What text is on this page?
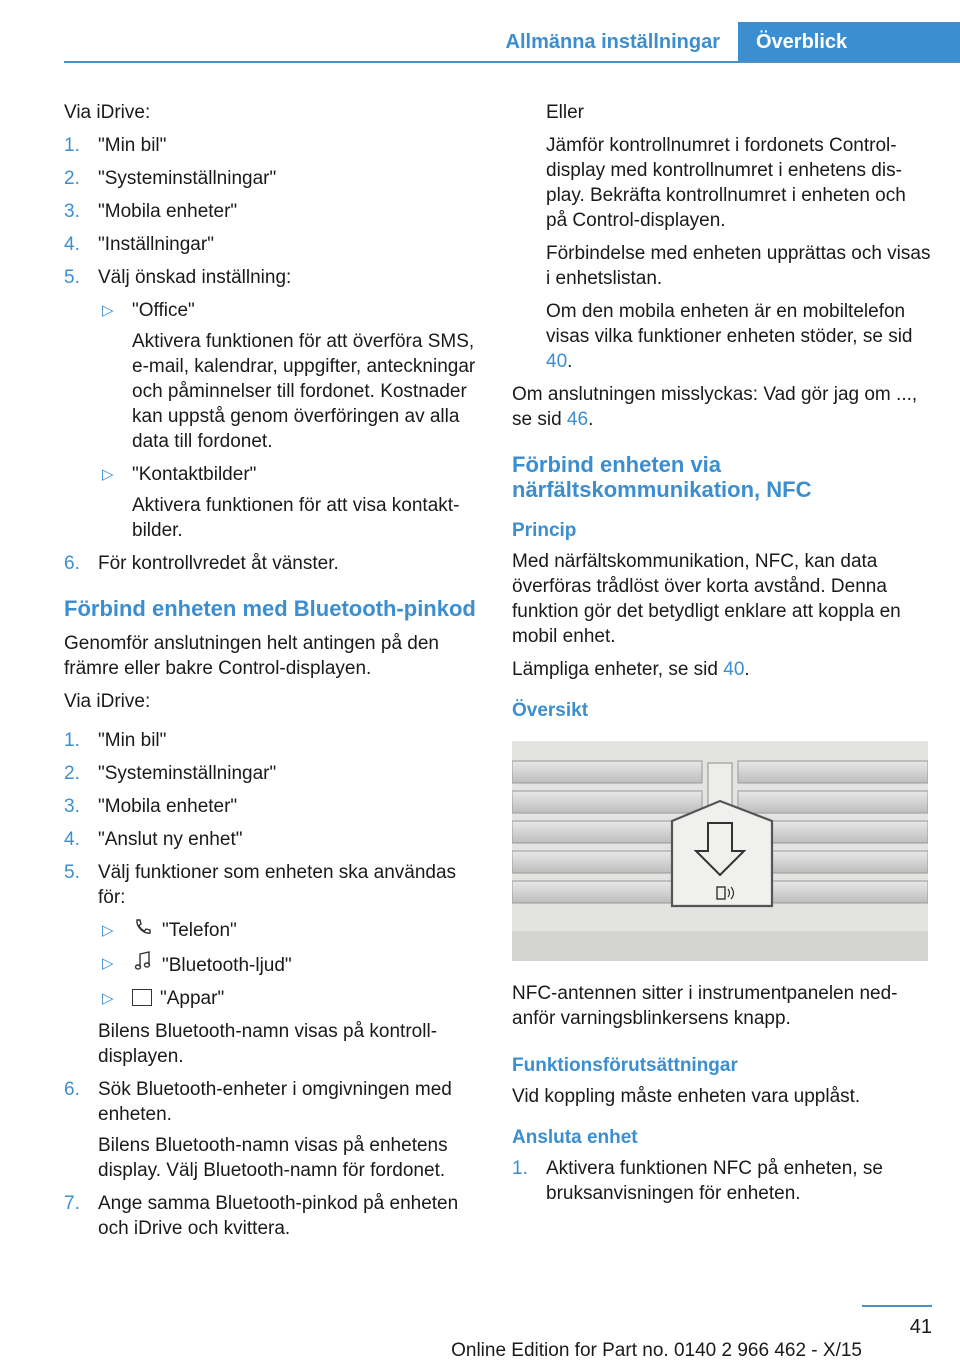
Allmänna inställningar	Överblick

Via iDrive:

1. "Min bil"
2. "Systeminställningar"
3. "Mobila enheter"
4. "Inställningar"
5. Välj önskad inställning:
▷ "Office"

Aktivera funktionen för att överföra SMS, e-mail, kalendrar, uppgifter, anteckningar och påminnelser till fordonet. Kostnader kan uppstå genom överföringen av alla data till fordonet.

▷ "Kontaktbilder"

Aktivera funktionen för att visa kontaktbilder.

6. För kontrollvredet åt vänster.
Förbind enheten med Bluetooth-pinkod

Genomför anslutningen helt antingen på den främre eller bakre Control-displayen.

Via iDrive:

1. "Min bil"
2. "Systeminställningar"
3. "Mobila enheter"
4. "Anslut ny enhet"
5. Välj funktioner som enheten ska användas för:
▷	"Telefon"
▷	"Bluetooth-ljud"
▷ "Appar"

Bilens Bluetooth-namn visas på kontrolldisplayen.

6. Sök Bluetooth-enheter i omgivningen med enheten.

Bilens Bluetooth-namn visas på enhetens display. Välj Bluetooth-namn för fordonet.

7. Ange samma Bluetooth-pinkod på enheten och iDrive och kvittera.

Eller

Jämför kontrollnumret i fordonets Control-display med kontrollnumret i enhetens display. Bekräfta kontrollnumret i enheten och på Control-displayen.

Förbindelse med enheten upprättas och visas i enhetslistan.

Om den mobila enheten är en mobiltelefon visas vilka funktioner enheten stöder, se sid 40.

Om anslutningen misslyckas: Vad gör jag om ..., se sid 46.

Förbind enheten via närfältskommunikation, NFC
Princip

Med närfältskommunikation, NFC, kan data överföras trådlöst över korta avstånd. Denna funktion gör det betydligt enklare att koppla en mobil enhet.

Lämpliga enheter, se sid 40.

Översikt

NFC-antennen sitter i instrumentpanelen nedanför varningsblinkersens knapp.

Funktionsförutsättningar

Vid koppling måste enheten vara upplåst.

Ansluta enhet
1. Aktivera funktionen NFC på enheten, se bruksanvisningen för enheten.
41
Online Edition for Part no. 0140 2 966 462 - X/15
